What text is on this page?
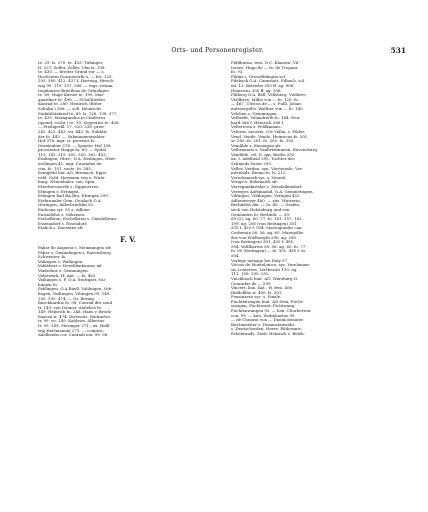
Orts- und Personenregister.	531
te. 29. ls. 270. te. 433. Tübinger,
II. 227. Zeller, Zeller, Ulm ts. 138.
te. 430. — breiter Grund vor — s.
Hochvorm Donauwörth s. — fos. 125.
293. 380. 412. 437 f. Hartwig, Hirsch-
wig 99. 119. 157. 268. — mgr. sivium,
regulanten Brüstlens de Gründigen
te. 69. Hugo Kurtze te. 193. Mar-
quardner te. 496. — Schultheißer
Konrad te. 280. Heinrich (Ritter
Schulm.) 266. — soll. Heinrichs
Stabilitätsbrief te. 69. ls. 126. 138. 377.
te. 435. Maragundus in Cimbertu
(quond. ecclit.) te. 39. Sogerator te. 436.
— Predigerkl. 17. 220. 238. prior
242. 423. 443. sw. 442. fo. Subbrü-
der fo. 443. — Sabmannenwalder
Hof 378. mgr. st. provisor fo.
Oranienbur 378. — Spaeter Hof 108.
procurator Hugge fo. 69. — Spital
119. 145. 219. 305. 350. 362. 403.
Esslingen, Ober-, O.A. Esslingen, Ober-
esslingen 41. mgr. Cunradus de-
cim. fo. 101. vaste. fo. 385.
Ezingfeld bar. AG. Bremach, Eppo-
vehl, Gold. Hermann von s. Wirtz-
burg, Neuenhaler, can. Spin.
Etterbecuzurile s. Eggeurreee.
Ettingen s. Ertingen.
Ettingen bad BA.Bro, Ettingen 299.
Etzbrunnler Gem. Geislach O.A.
Ohringen, Adlerbrücklin 55.
Eudicina syr. 55 s. Adlone.
Eusindelus s. Ozheisen.
Eschelbron, Eschelbrun s. Gaisdelbrun.
Essenadorf s. Essendorf.
Esslich s. Koustanz sfr.
F. V.
Fabar de Augusta s. Memmingen sfr.
Fabar s. Gmündingen s. Ravensburg
Schwenter. fo.
Vahingen s. Wahingen.
Vahlebert s. Dezeldenhauser ml.
Vaidecker s. Gemmingen.
Valsewerk, H. Ant. — fo. 462.
Vaihingen s. F. O.A. Stuttgart, Vai-
hingen fo.
Fahlingen, O.A.Biedl. Vahlingen, Vob-
lingen, Vaihingen, Vihingen 99. 149.
290. 295. 474. — Gr. Bernig,
Burckhardus fo. 98. Conrad der senil
tr. 149. von Dauner, Andelies fe.
149. Heinrich fo. 246. Hans v. Brock-
hausen tr. 474. Dietricus. Dietrartes
tr. 99. vo. 149. Kahlswe, Albertus
tr. 99. 149. Mesinger 271.; ux. Halli-
wig Hartmannin 271. — comites:
Adelheidis cor. Cunradi ion. 99. 96.
Fiddburna, tent. D.C. Klausen, Vil-
torses, Hugo de — fe. de Tropanr
fo. 93.
Fildas s. Grossfildingen sol.
Fileback O.A. Cannstatt, Filbach, sol.
ml. 12. Betriebe 305 ff. ag. 806.
Heinricus 305 ff. ag. 306.
Fillberg O.A. Bell, Vellsberg, Vielbere,
Viellbere, Milbo von — fo. 120. fo.
— 467. Ulricus de — s. Fuld, Johan-
mitesorgelei. Walther von — fo. 145.
Velchen s. Gemmingen.
Velderfit, Velandreith fo. 184. Deu-
hard 366 f. Heinrich 366 f.
Veltereren s. Feldkamms.
Velurra, necarte; (Ov Vallia, s. Filder,
Vend, Vende, Vendo, Heinricus fo. 201.
sr. 280. fo. 281. fo. 305. fo. 305.
Vendilde s. Einsingen sfr.
Velbrunnen s. Vanbrtebunnen, Ravensburg.
Vendilde, cel. E. gm. Bistlis 295;
ux. I. Adelheid 295. Tochter des
Schnieds Sener 295.
Velles, Verdan. syn. Viertenisle, Ver-
nitenholz, Benno fo. ls. 212.
Verecksmark sys. s. Venedi.
Verige s. Böbenaich sfr.
Verregumkirtsler s. Zwiefalkendorf.
Veresyes Aufsmannd, O.A. Gemmetingen,
Vilfingen, Vihilingen, Vettigen 455.
Adlerzweyer 480. — sits. Wurterin,
Berlindiss din. — fo. 40. — Grafen,
such von Holzinburg und von
Gemünden fo. Berlindi. — 59.
69 (2). ag. 60. 77. fo. 141. 157. 182.
199. ag. 256 (von Reitingen) 301.
335 f. 425 f. 504. Marsogondes can.
Cerberaia 56. 56. ag. 60. Marsgolbe
des von Wielborgth 290. ag. 290
(von Reitingen) 301. 425 f. 481.
504. Wolfhartus 58. 56. ag. 60. fo. 77.
fo. 80 (Reitingen) — fo. 301. 430 f. fo.
504.
Verlege ménage bei Italy 37.
Vicosa de Montelonico, sys. Verelanom-
sis Lontevies, Lortheries 110. ag.
111. 189. 290. 292.
Vincklusch buit. AG. Würzburg II.
Cunradus de — 295.
Vincert, kon. Kat., H. fem. 406.
Riddolffus tr. 400. ls. 301.
Fensinaere sys. s. Finale.
Fuchtenwagen huit. AG.Seta, Fücht-
wangen, Fuchtwent, Fichtwang,
Fuchtenwangen 93. — hen. Chorherren:
con. 99. — kirs. Dedinhartus 99.
— de Chunrat von — Daumclomater,
Kirchmeister s. Donaustauwähr.
s. Deutschorden. Herre, Pildorinus;
Erhebrands, Zezil, Heinrich s. Beleh-
